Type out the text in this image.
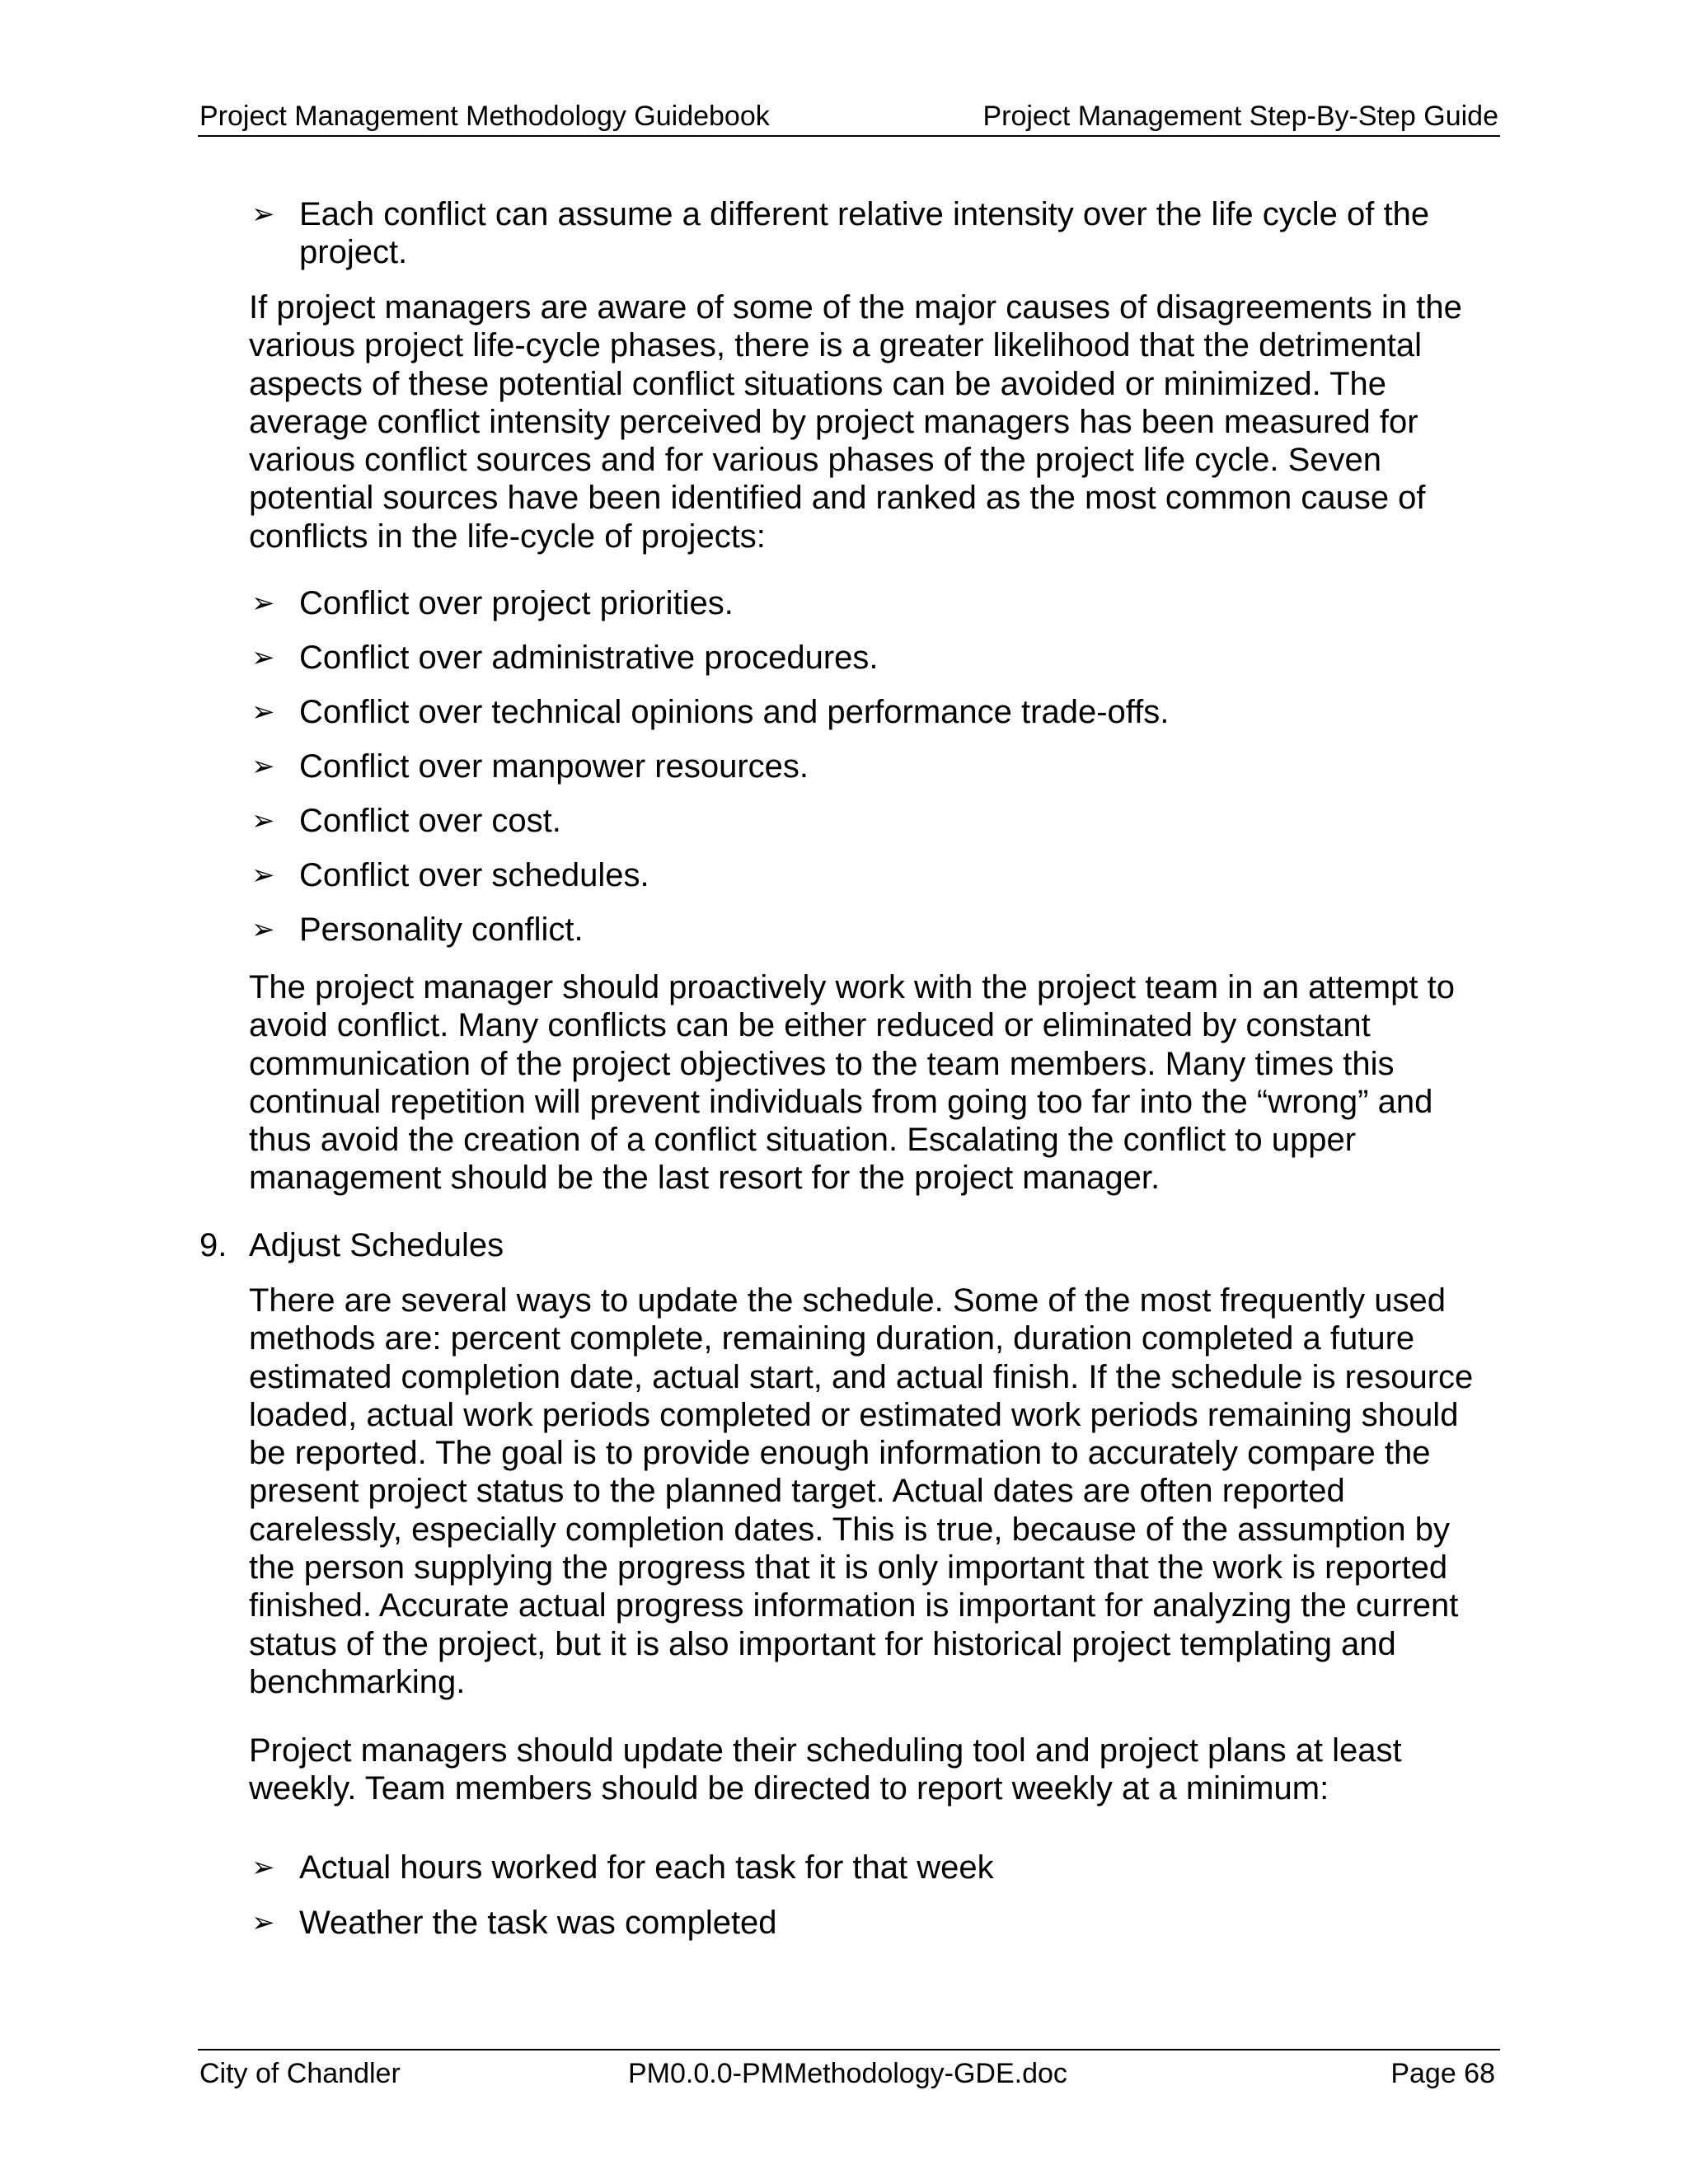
Project Management Methodology Guidebook	Project Management Step-By-Step Guide
➢ Each conflict can assume a different relative intensity over the life cycle of the project.
If project managers are aware of some of the major causes of disagreements in the various project life-cycle phases, there is a greater likelihood that the detrimental aspects of these potential conflict situations can be avoided or minimized. The average conflict intensity perceived by project managers has been measured for various conflict sources and for various phases of the project life cycle. Seven potential sources have been identified and ranked as the most common cause of conflicts in the life-cycle of projects:
➢ Conflict over project priorities.
➢ Conflict over administrative procedures.
➢ Conflict over technical opinions and performance trade-offs.
➢ Conflict over manpower resources.
➢ Conflict over cost.
➢ Conflict over schedules.
➢ Personality conflict.
The project manager should proactively work with the project team in an attempt to avoid conflict. Many conflicts can be either reduced or eliminated by constant communication of the project objectives to the team members. Many times this continual repetition will prevent individuals from going too far into the “wrong” and thus avoid the creation of a conflict situation. Escalating the conflict to upper management should be the last resort for the project manager.
9. Adjust Schedules
There are several ways to update the schedule. Some of the most frequently used methods are: percent complete, remaining duration, duration completed a future estimated completion date, actual start, and actual finish. If the schedule is resource loaded, actual work periods completed or estimated work periods remaining should be reported. The goal is to provide enough information to accurately compare the present project status to the planned target. Actual dates are often reported carelessly, especially completion dates. This is true, because of the assumption by the person supplying the progress that it is only important that the work is reported finished. Accurate actual progress information is important for analyzing the current status of the project, but it is also important for historical project templating and benchmarking.
Project managers should update their scheduling tool and project plans at least weekly. Team members should be directed to report weekly at a minimum:
➢ Actual hours worked for each task for that week
➢ Weather the task was completed
City of Chandler	PM0.0.0-PMMethodology-GDE.doc	Page 68
